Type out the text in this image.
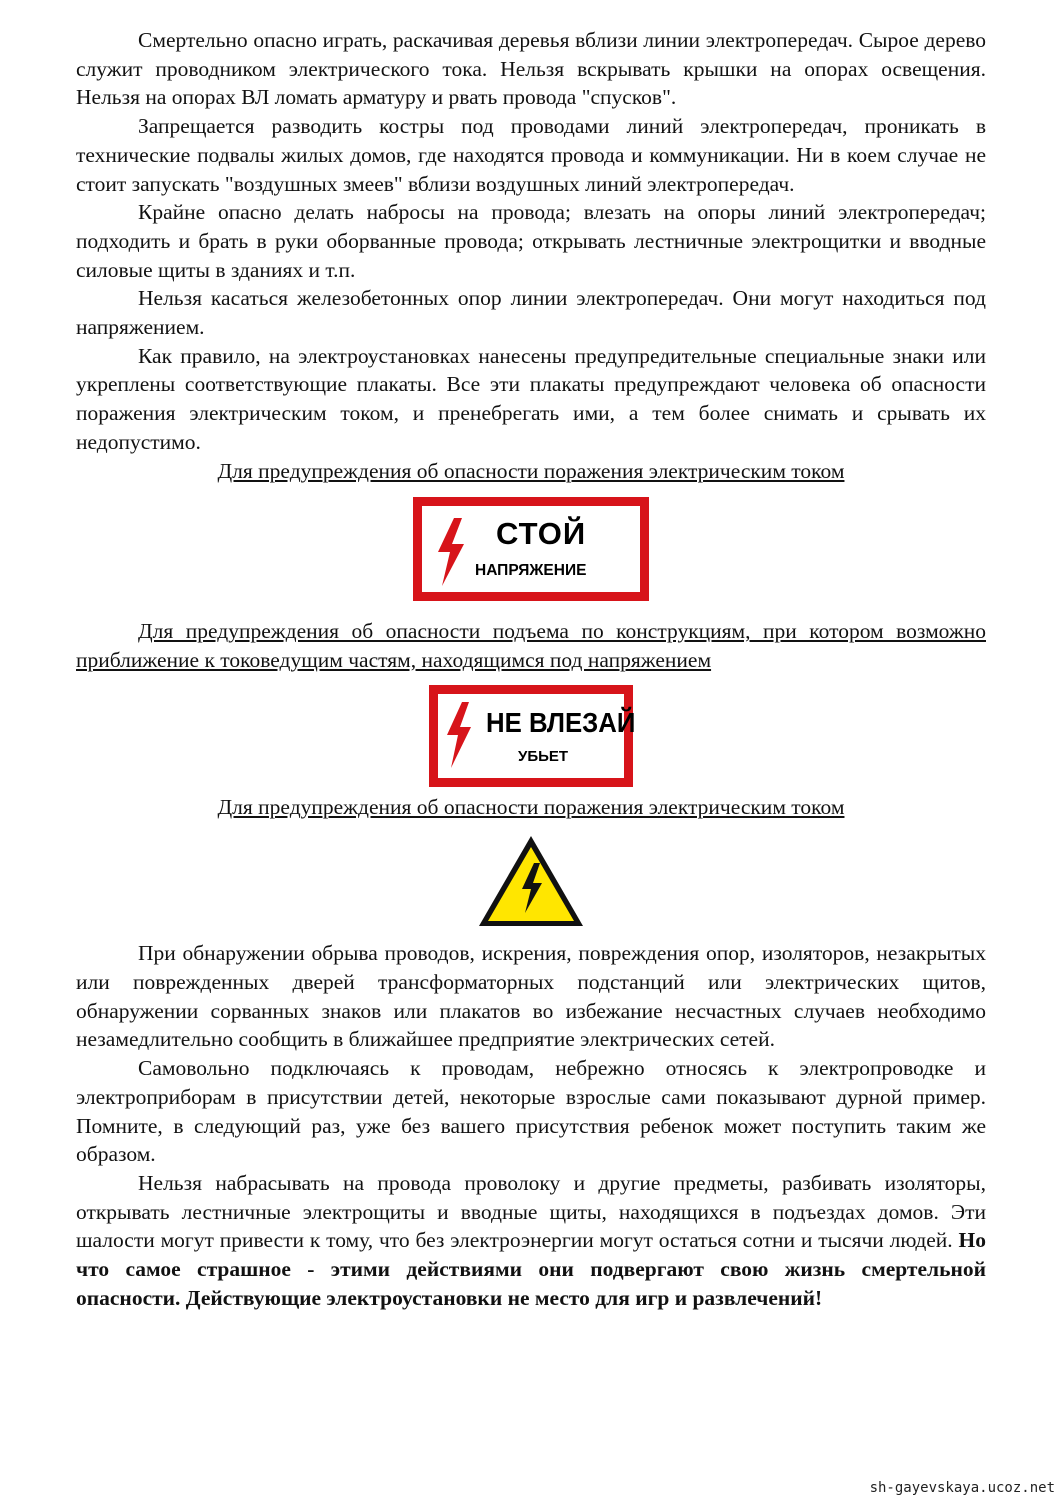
Смертельно опасно играть, раскачивая деревья вблизи линии электропередач. Сырое дерево служит проводником электрического тока. Нельзя вскрывать крышки на опорах освещения. Нельзя на опорах ВЛ ломать арматуру и рвать провода "спусков".

Запрещается разводить костры под проводами линий электропередач, проникать в технические подвалы жилых домов, где находятся провода и коммуникации. Ни в коем случае не стоит запускать "воздушных змеев" вблизи воздушных линий электропередач.

Крайне опасно делать набросы на провода; влезать на опоры линий электропередач; подходить и брать в руки оборванные провода; открывать лестничные электрощитки и вводные силовые щиты в зданиях и т.п.

Нельзя касаться железобетонных опор линии электропередач. Они могут находиться под напряжением.

Как правило, на электроустановках нанесены предупредительные специальные знаки или укреплены соответствующие плакаты. Все эти плакаты предупреждают человека об опасности поражения электрическим током, и пренебрегать ими, а тем более снимать и срывать их недопустимо.

Для предупреждения об опасности поражения электрическим током

СТОЙ
НАПРЯЖЕНИЕ

Для предупреждения об опасности подъема по конструкциям, при котором возможно приближение к токоведущим частям, находящимся под напряжением

НЕ ВЛЕЗАЙ
УБЬЕТ

Для предупреждения об опасности поражения электрическим током

При обнаружении обрыва проводов, искрения, повреждения опор, изоляторов, незакрытых или поврежденных дверей трансформаторных подстанций или электрических щитов, обнаружении сорванных знаков или плакатов во избежание несчастных случаев необходимо незамедлительно сообщить в ближайшее предприятие электрических сетей.

Самовольно подключаясь к проводам, небрежно относясь к электропроводке и электроприборам в присутствии детей, некоторые взрослые сами показывают дурной пример. Помните, в следующий раз, уже без вашего присутствия ребенок может поступить таким же образом.

Нельзя набрасывать на провода проволоку и другие предметы, разбивать изоляторы, открывать лестничные электрощиты и вводные щиты, находящихся в подъездах домов. Эти шалости могут привести к тому, что без электроэнергии могут остаться сотни и тысячи людей. Но что самое страшное - этими действиями они подвергают свою жизнь смертельной опасности. Действующие электроустановки не место для игр и развлечений!

sh-gayevskaya.ucoz.net
